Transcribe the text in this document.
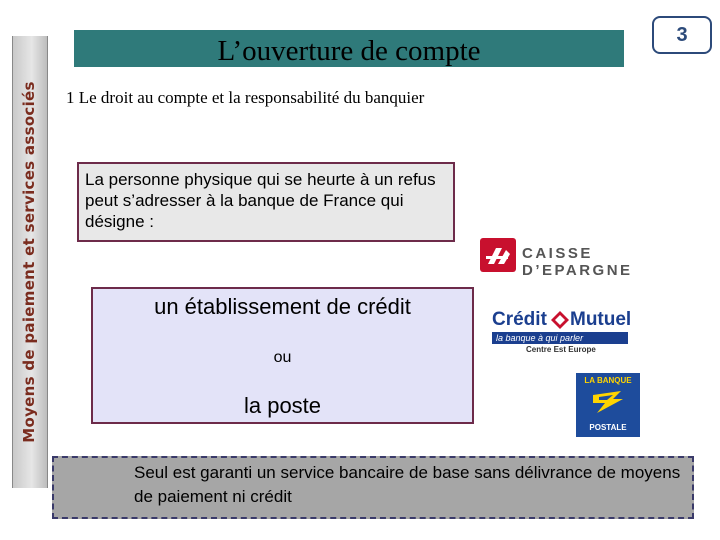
Moyens de paiement et services associés
L’ouverture de compte	3
1 Le droit au compte et la responsabilité du banquier
La personne physique qui se heurte à un refus peut s’adresser à la banque de France qui désigne :
un établissement de crédit
ou
la poste
Seul est garanti un service bancaire de base sans délivrance de moyens de paiement ni crédit
CAISSE D’EPARGNE
Crédit Mutuel
la banque à qui parler
Centre Est Europe
LA BANQUE
POSTALE
